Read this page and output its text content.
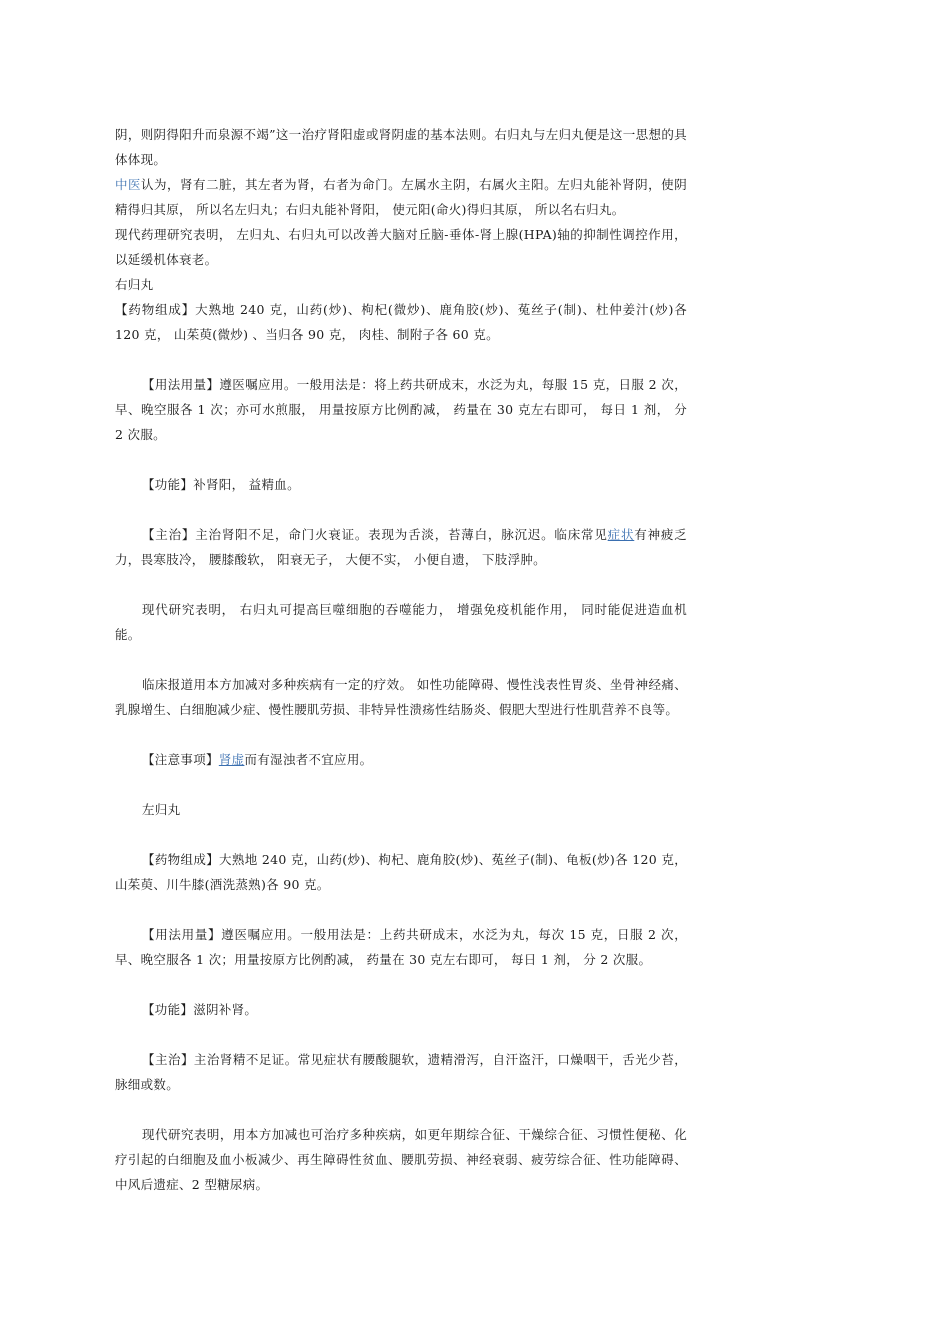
阴，则阴得阳升而泉源不竭”这一治疗肾阳虚或肾阴虚的基本法则。右归丸与左归丸便是这一思想的具体体现。

中医认为，肾有二脏，其左者为肾，右者为命门。左属水主阴，右属火主阳。左归丸能补肾阴，使阴精得归其原， 所以名左归丸；右归丸能补肾阳， 使元阳(命火)得归其原， 所以名右归丸。

现代药理研究表明， 左归丸、右归丸可以改善大脑对丘脑-垂体-肾上腺(HPA)轴的抑制性调控作用，以延缓机体衰老。

右归丸

【药物组成】大熟地 240 克，山药(炒)、枸杞(微炒)、鹿角胶(炒)、菟丝子(制)、杜仲姜汁(炒)各 120 克， 山茱萸(微炒) 、当归各 90 克， 肉桂、制附子各 60 克。

【用法用量】遵医嘱应用。一般用法是：将上药共研成末，水泛为丸，每服 15 克，日服 2 次，早、晚空服各 1 次；亦可水煎服， 用量按原方比例酌减， 药量在 30 克左右即可， 每日 1 剂， 分 2 次服。

【功能】补肾阳， 益精血。

【主治】主治肾阳不足，命门火衰证。表现为舌淡，苔薄白，脉沉迟。临床常见症状有神疲乏力，畏寒肢冷， 腰膝酸软， 阳衰无子， 大便不实， 小便自遗， 下肢浮肿。

现代研究表明， 右归丸可提高巨噬细胞的吞噬能力， 增强免疫机能作用， 同时能促进造血机能。

临床报道用本方加减对多种疾病有一定的疗效。 如性功能障碍、慢性浅表性胃炎、坐骨神经痛、乳腺增生、白细胞减少症、慢性腰肌劳损、非特异性溃疡性结肠炎、假肥大型进行性肌营养不良等。

【注意事项】肾虚而有湿浊者不宜应用。

左归丸

【药物组成】大熟地 240 克，山药(炒)、枸杞、鹿角胶(炒)、菟丝子(制)、龟板(炒)各 120 克，山茱萸、川牛膝(酒洗蒸熟)各 90 克。

【用法用量】遵医嘱应用。一般用法是：上药共研成末，水泛为丸，每次 15 克，日服 2 次，早、晚空服各 1 次；用量按原方比例酌减， 药量在 30 克左右即可， 每日 1 剂， 分 2 次服。

【功能】滋阴补肾。

【主治】主治肾精不足证。常见症状有腰酸腿软，遗精滑泻，自汗盗汗，口燥咽干，舌光少苔，脉细或数。

现代研究表明，用本方加减也可治疗多种疾病，如更年期综合征、干燥综合征、习惯性便秘、化疗引起的白细胞及血小板减少、再生障碍性贫血、腰肌劳损、神经衰弱、疲劳综合征、性功能障碍、中风后遗症、2 型糖尿病。
